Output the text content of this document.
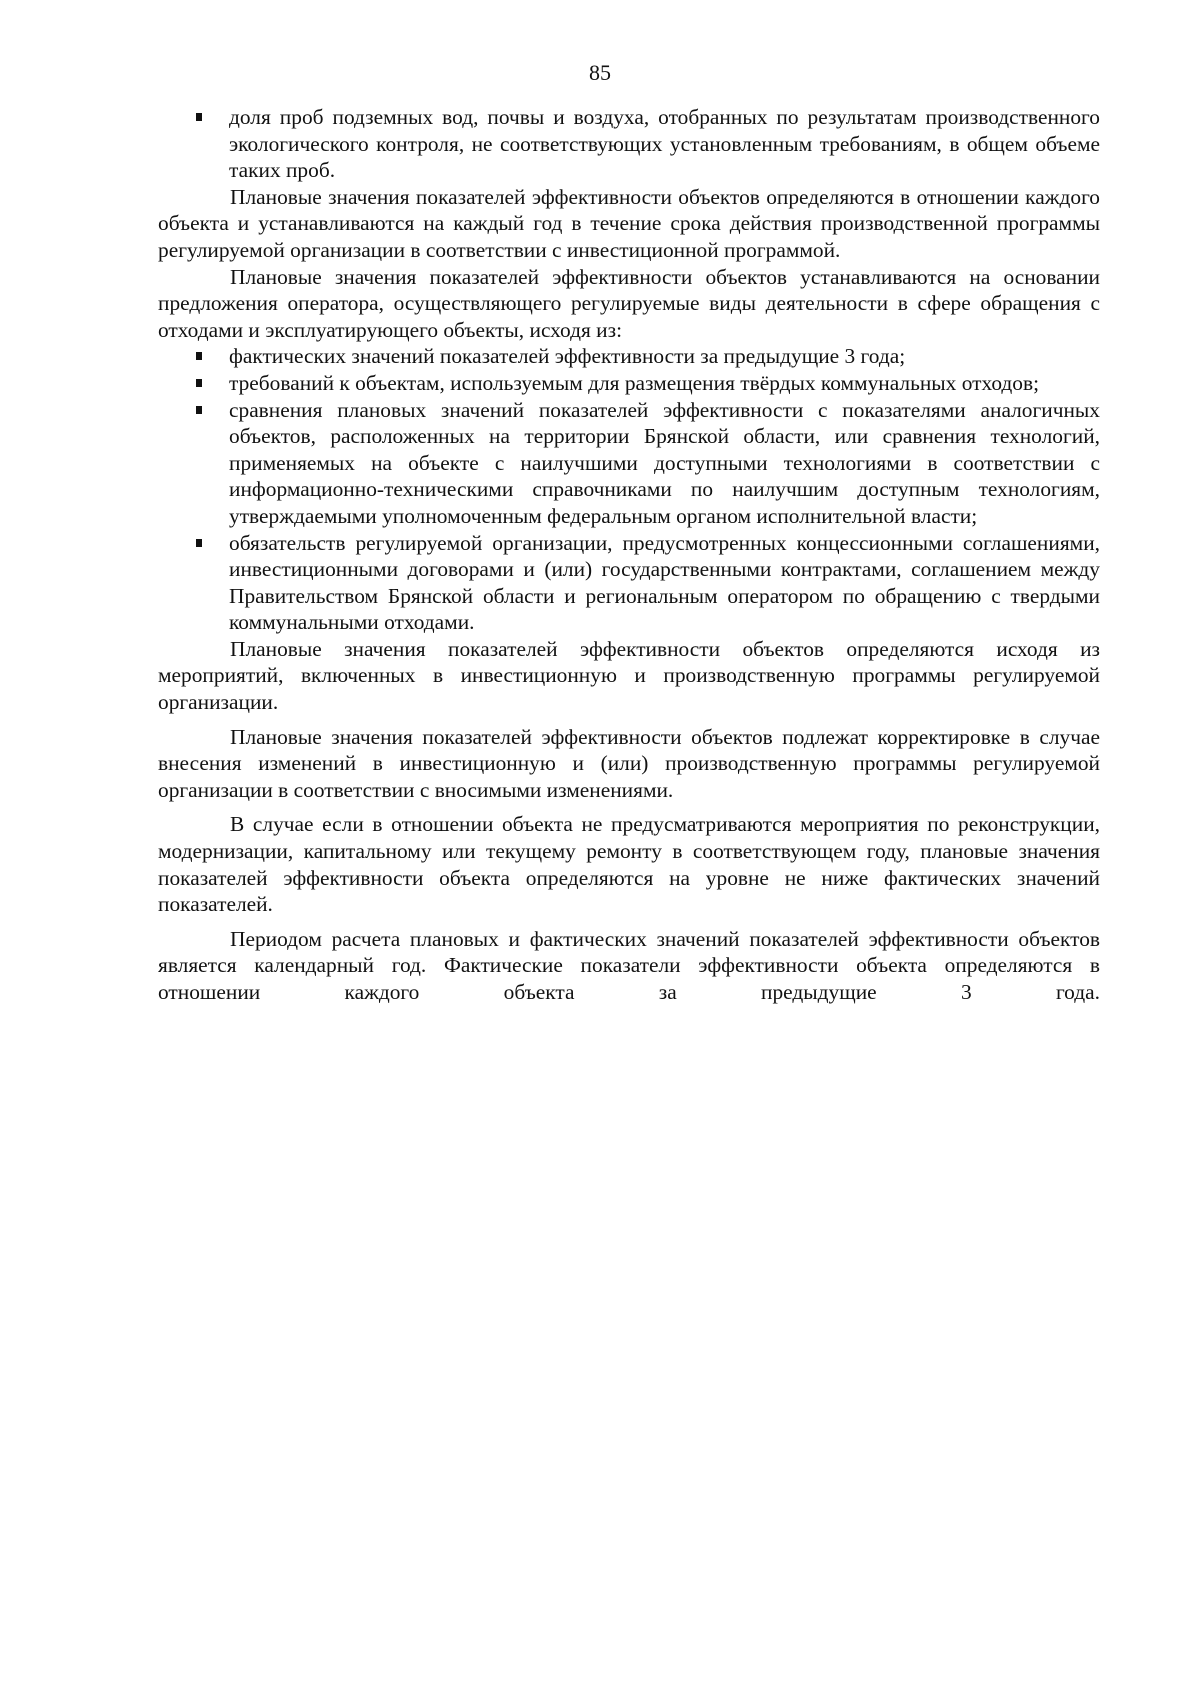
85
доля проб подземных вод, почвы и воздуха, отобранных по результатам производственного экологического контроля, не соответствующих установленным требованиям, в общем объеме таких проб.

Плановые значения показателей эффективности объектов определяются в отношении каждого объекта и устанавливаются на каждый год в течение срока действия производственной программы регулируемой организации в соответствии с инвестиционной программой.

Плановые значения показателей эффективности объектов устанавливаются на основании предложения оператора, осуществляющего регулируемые виды деятельности в сфере обращения с отходами и эксплуатирующего объекты, исходя из:

фактических значений показателей эффективности за предыдущие 3 года;
требований к объектам, используемым для размещения твёрдых коммунальных отходов;
сравнения плановых значений показателей эффективности с показателями аналогичных объектов, расположенных на территории Брянской области, или сравнения технологий, применяемых на объекте с наилучшими доступными технологиями в соответствии с информационно-техническими справочниками по наилучшим доступным технологиям, утверждаемыми уполномоченным федеральным органом исполнительной власти;
обязательств регулируемой организации, предусмотренных концессионными соглашениями, инвестиционными договорами и (или) государственными контрактами, соглашением между Правительством Брянской области и региональным оператором по обращению с твердыми коммунальными отходами.

Плановые значения показателей эффективности объектов определяются исходя из мероприятий, включенных в инвестиционную и производственную программы регулируемой организации.

Плановые значения показателей эффективности объектов подлежат корректировке в случае внесения изменений в инвестиционную и (или) производственную программы регулируемой организации в соответствии с вносимыми изменениями.

В случае если в отношении объекта не предусматриваются мероприятия по реконструкции, модернизации, капитальному или текущему ремонту в соответствующем году, плановые значения показателей эффективности объекта определяются на уровне не ниже фактических значений показателей.

Периодом расчета плановых и фактических значений показателей эффективности объектов является календарный год. Фактические показатели эффективности объекта определяются в отношении каждого объекта за предыдущие 3 года.
